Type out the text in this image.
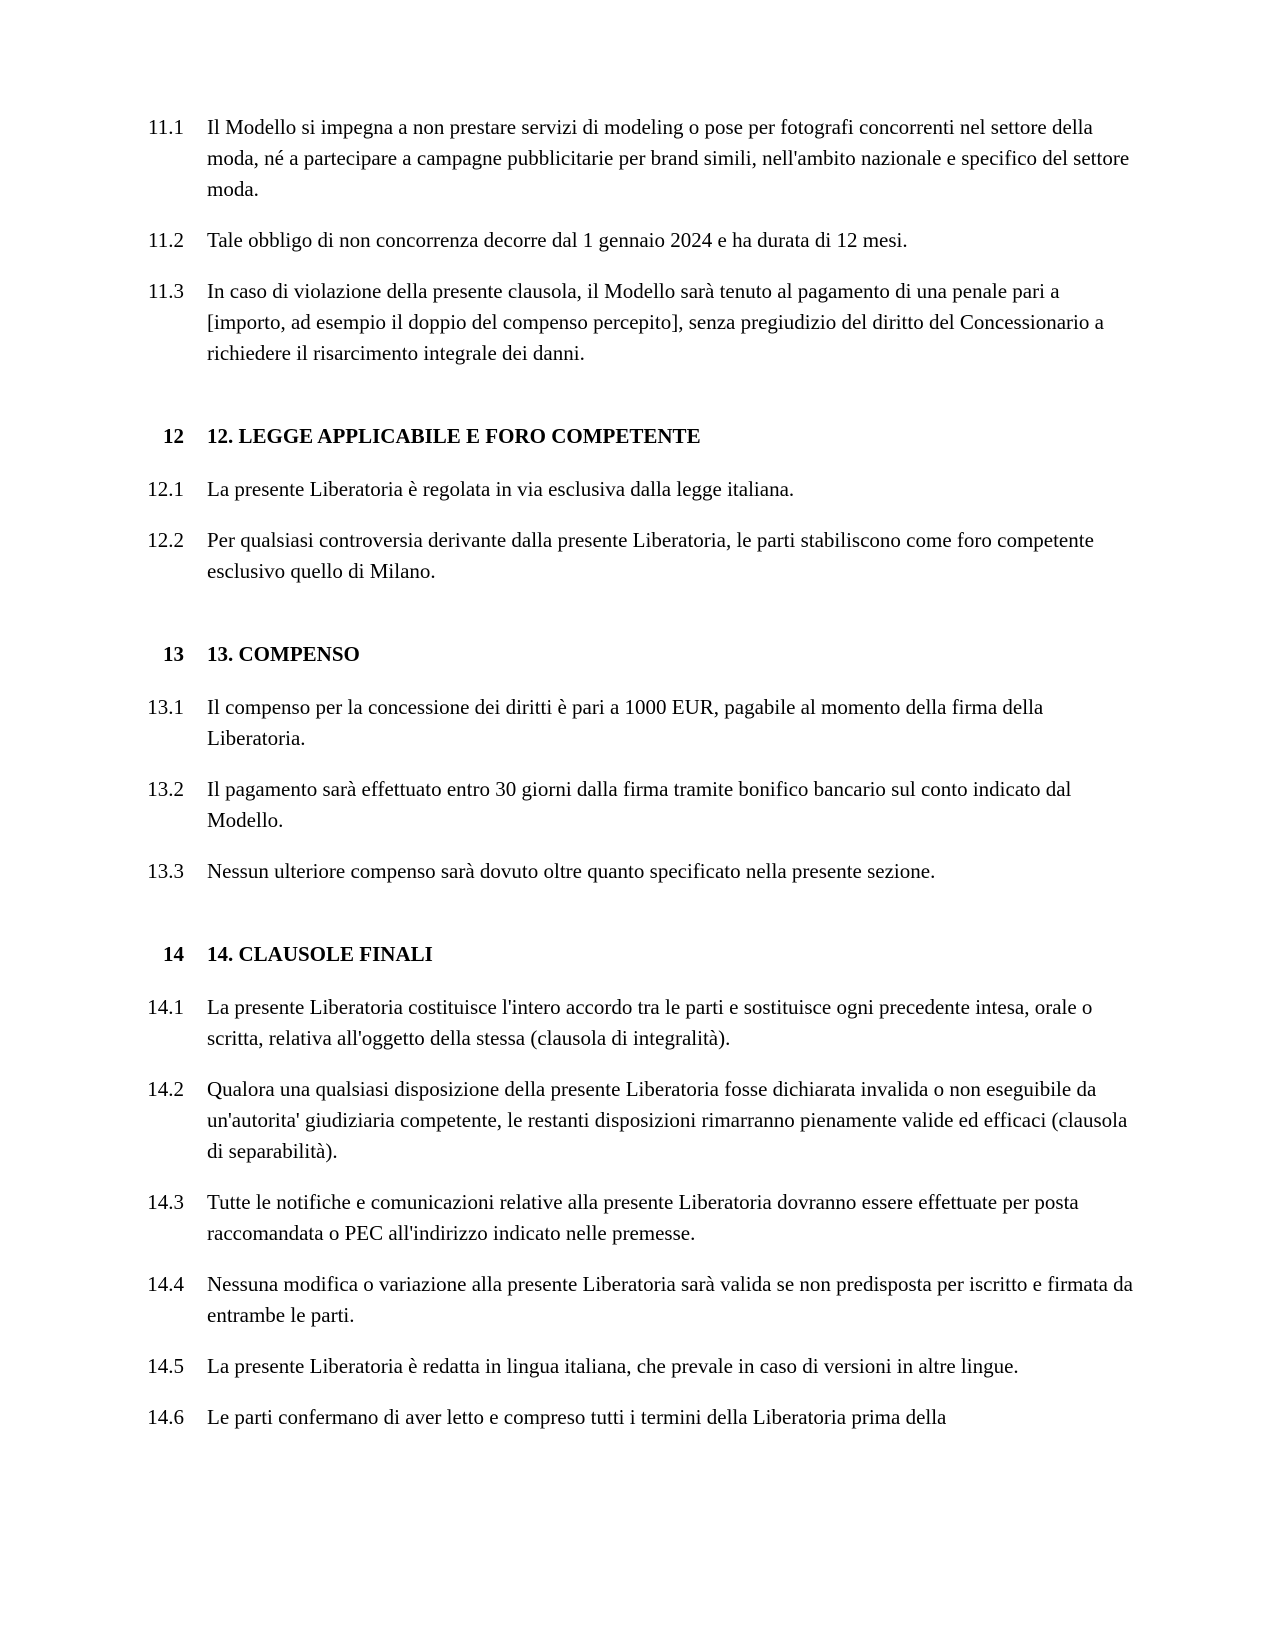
11.1 Il Modello si impegna a non prestare servizi di modeling o pose per fotografi concorrenti nel settore della moda, né a partecipare a campagne pubblicitarie per brand simili, nell'ambito nazionale e specifico del settore moda.
11.2 Tale obbligo di non concorrenza decorre dal 1 gennaio 2024 e ha durata di 12 mesi.
11.3 In caso di violazione della presente clausola, il Modello sarà tenuto al pagamento di una penale pari a [importo, ad esempio il doppio del compenso percepito], senza pregiudizio del diritto del Concessionario a richiedere il risarcimento integrale dei danni.
12 12. LEGGE APPLICABILE E FORO COMPETENTE
12.1 La presente Liberatoria è regolata in via esclusiva dalla legge italiana.
12.2 Per qualsiasi controversia derivante dalla presente Liberatoria, le parti stabiliscono come foro competente esclusivo quello di Milano.
13 13. COMPENSO
13.1 Il compenso per la concessione dei diritti è pari a 1000 EUR, pagabile al momento della firma della Liberatoria.
13.2 Il pagamento sarà effettuato entro 30 giorni dalla firma tramite bonifico bancario sul conto indicato dal Modello.
13.3 Nessun ulteriore compenso sarà dovuto oltre quanto specificato nella presente sezione.
14 14. CLAUSOLE FINALI
14.1 La presente Liberatoria costituisce l'intero accordo tra le parti e sostituisce ogni precedente intesa, orale o scritta, relativa all'oggetto della stessa (clausola di integralità).
14.2 Qualora una qualsiasi disposizione della presente Liberatoria fosse dichiarata invalida o non eseguibile da un'autorita' giudiziaria competente, le restanti disposizioni rimarranno pienamente valide ed efficaci (clausola di separabilità).
14.3 Tutte le notifiche e comunicazioni relative alla presente Liberatoria dovranno essere effettuate per posta raccomandata o PEC all'indirizzo indicato nelle premesse.
14.4 Nessuna modifica o variazione alla presente Liberatoria sarà valida se non predisposta per iscritto e firmata da entrambe le parti.
14.5 La presente Liberatoria è redatta in lingua italiana, che prevale in caso di versioni in altre lingue.
14.6 Le parti confermano di aver letto e compreso tutti i termini della Liberatoria prima della
